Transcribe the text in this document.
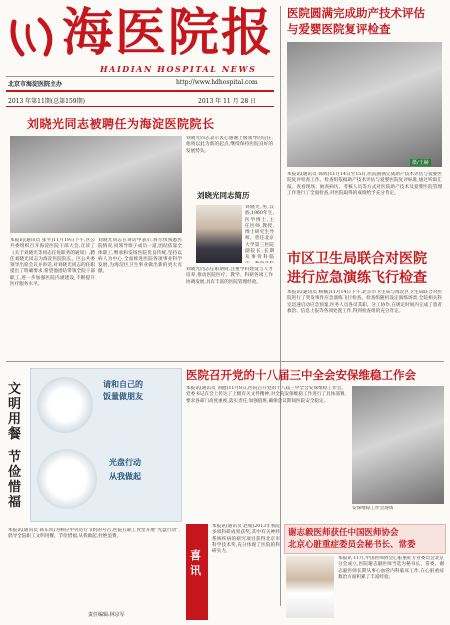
海医院报
HAIDIAN HOSPITAL NEWS
北京市海淀医院主办	http://www.hdhospital.com
2013 年第11期(总第159期)	2013 年 11 月 28 日
医院圆满完成助产技术评估
与爱婴医院复评检查
摄/王赫
本报讯(通讯员 韩辉)11月14日至15日,医院圆满完成助产技术评估与爱婴医院复评检查工作。检查组依据助产技术评估与爱婴医院复评标准,通过听取汇报、查看现场、抽查病历、考核人员等方式对医院助产技术及爱婴医院管理工作进行了全面检查,对医院取得的成绩给予充分肯定。
刘晓光同志被聘任为海淀医院院长
本报讯(通讯员 张平)11月19日下午,区公共委组织召开海淀医院干部大会,宣读了《关于刘晓光等同志任免职务的通知》,聘任刘晓光同志为海淀医院院长。区公共委领导出席会议并讲话,对刘晓光同志的任职提出了明确要求,希望他团结带领全院干部职工,进一步加强医院内涵建设,不断提升医疗服务水平。
刘晓光同志在讲话中表示,将尽快熟悉医院情况,同领导班子成员一道,团结依靠全体职工,继承和发扬医院优良传统,坚持以病人为中心,全面推进医院各项事业科学发展,为海淀区卫生事业做出新的更大贡献。
刘晓光同志表示衷心感谢上级领导的信任,他将以此为新的起点,继续保持医院良好的发展势头。
刘晓光同志简历
刘晓光,男,汉族,1960年生,医学博士,主任医师,教授,博士研究生导师。曾任北京大学第三医院副院长,长期从事骨科临
刘晓光同志任职期间,注重学科建设与人才培养,推动医院医疗、教学、科研各项工作协调发展,具有丰富的医院管理经验。
市区卫生局联合对医院
进行应急演练飞行检查
本报讯(通讯员 杨楠)11月14日下午,北京市卫生局与海淀区卫生局联合对医院进行了突发事件应急演练飞行检查。检查组随机设定演练场景,全院相关科室迅速启动应急预案,医务人员各司其职、分工协作,在规定时间内完成了患者救治、信息上报等各项处置工作,得到检查组的充分肯定。
文明用餐
节俭惜福
请和自己的
饭量做朋友
光盘行动
从我做起
本报讯(通讯员 韩东风)为响应中央厉行节约的号召,医院在职工食堂开展“光盘行动”,倡导全院职工文明用餐、节俭惜福,从我做起,杜绝浪费。
责任编辑:林京军
医院召开党的十八届三中全会安保维稳工作会
本报讯(通讯员 刘健)11月8日,医院召开党的十八届三中全会安保维稳工作会。党委书记在会上传达了上级有关文件精神,对全院安保维稳工作进行了具体部署,要求各部门高度重视,落实责任,加强值班,确保会议期间医院安全稳定。
安保维稳工作会现场
喜讯
本报讯(通讯员 赵娟)2013年我院多项科研成果获奖,其中有关神经系统疾病的研究项目获得北京市科学技术奖,充分体现了医院的科研实力。
谢志毅医师获任中国医师协会
北京心脏重症委员会秘书长、常委
本报讯 11月,中国医师协会心脏重症专业委员会北京分会成立,医院谢志毅医师当选为秘书长、常委。谢志毅医师长期从事心血管内科临床工作,在心脏重症救治方面积累了丰富经验。
